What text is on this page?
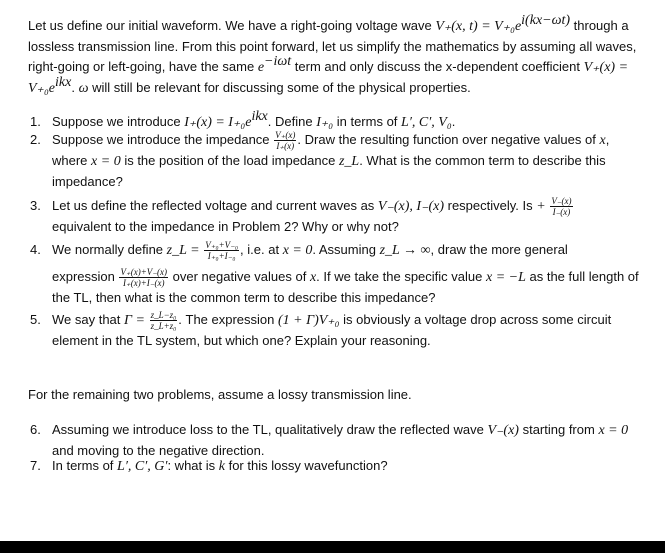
Let us define our initial waveform. We have a right-going voltage wave V₊(x, $t) = V_{+0}e^{i(kx-\omega t)}$ through a lossless transmission line. From this point forward, let us simplify the mathematics by assuming all waves, right-going or left-going, have the same $e^{-i\omega t}$ term and only discuss the x-dependent coefficient $V_+(x) = V_{+0}e^{ikx}$. ω will still be relevant for discussing some of the physical properties.

1. Suppose we introduce $I_+(x) = I_{+0}e^{ikx}$. Define I₊₀ in terms of L′, C′, V₀.
2. Suppose we introduce the impedance $\frac{V_+(x)}{I_+(x)}$ . Draw the resulting function over negative values of x, where x = 0 is the position of the load impedance z_L. What is the common term to describe this impedance?
3. Let us define the reflected voltage and current waves as V₋(x), I₋(x) respectively. $Is + \frac{V_-(x)}{I_-(x)}$

equivalent to the impedance in Problem 2? Why or why not?
4. We normally define z_L = $\frac{\text{V₊₀+V₋₀}}{\text{I₊₀+I₋₀}}$ , i.e. at x = 0. Assuming z_L → ∞, draw the more general

expression $\frac{V_+(x)+V_-(x)}{I_+(x)+I_-(x)}$ over negative values of x. If we take the specific value x = −L as the full length of the TL, then what is the common term to describe this impedance?
5. We say that $\Gamma = \frac{\text{z\_L−z₀}}{\text{z\_L+z₀}}$ . The expression (1 + Γ)V₊₀ is obviously a voltage drop across some circuit element in the TL system, but which one? Explain your reasoning.

For the remaining two problems, assume a lossy transmission line.

6. Assuming we introduce loss to the TL, qualitatively draw the reflected wave V₋(x) starting from x = 0 and moving to the negative direction.
7. In terms of L′, C′, G′: what is k for this lossy wavefunction?
